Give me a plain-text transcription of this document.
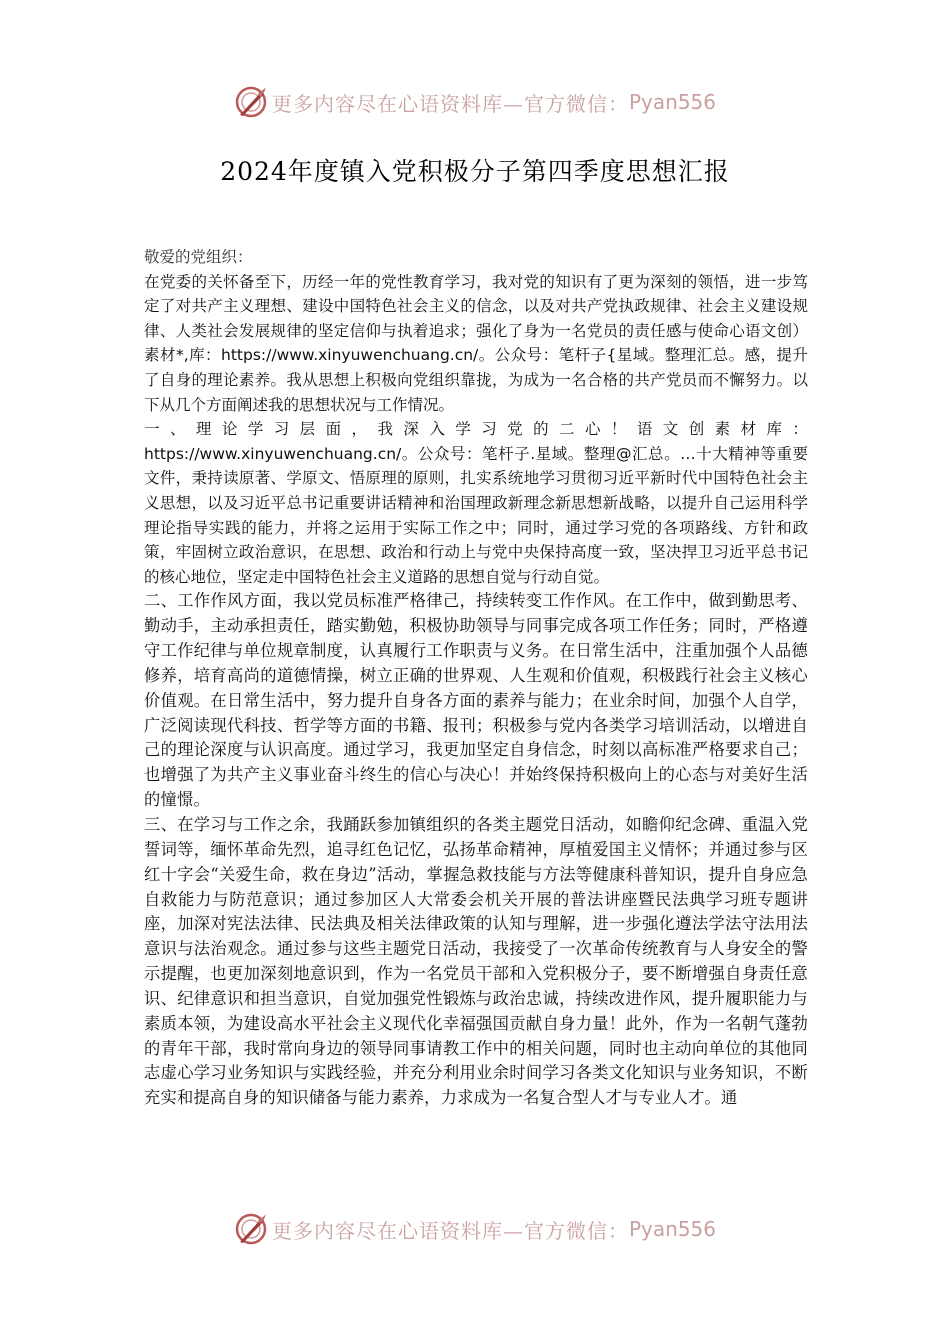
更多内容尽在心语资料库—官方微信： Pyan556
2024年度镇入党积极分子第四季度思想汇报

敬爱的党组织：

在党委的关怀备至下，历经一年的党性教育学习，我对党的知识有了更为深刻的领悟，进一步笃定了对共产主义理想、建设中国特色社会主义的信念，以及对共产党执政规律、社会主义建设规律、人类社会发展规律的坚定信仰与执着追求；强化了身为一名党员的责任感与使命心语文创）素材*,库：https://www.xinyuwenchuang.cn/。公众号：笔杆子{星域。整理汇总。感，提升了自身的理论素养。我从思想上积极向党组织靠拢，为成为一名合格的共产党员而不懈努力。以下从几个方面阐述我的思想状况与工作情况。

一、理论学习层面，我深入学习党的二心！语文创素材库：https://www.xinyuwenchuang.cn/。公众号：笔杆子.星域。整理@汇总。…十大精神等重要文件，秉持读原著、学原文、悟原理的原则，扎实系统地学习贯彻习近平新时代中国特色社会主义思想，以及习近平总书记重要讲话精神和治国理政新理念新思想新战略，以提升自己运用科学理论指导实践的能力，并将之运用于实际工作之中；同时，通过学习党的各项路线、方针和政策，牢固树立政治意识，在思想、政治和行动上与党中央保持高度一致，坚决捍卫习近平总书记的核心地位，坚定走中国特色社会主义道路的思想自觉与行动自觉。

二、工作作风方面，我以党员标准严格律己，持续转变工作作风。在工作中，做到勤思考、勤动手，主动承担责任，踏实勤勉，积极协助领导与同事完成各项工作任务；同时，严格遵守工作纪律与单位规章制度，认真履行工作职责与义务。在日常生活中，注重加强个人品德修养，培育高尚的道德情操，树立正确的世界观、人生观和价值观，积极践行社会主义核心价值观。在日常生活中，努力提升自身各方面的素养与能力；在业余时间，加强个人自学，广泛阅读现代科技、哲学等方面的书籍、报刊；积极参与党内各类学习培训活动，以增进自己的理论深度与认识高度。通过学习，我更加坚定自身信念，时刻以高标准严格要求自己；也增强了为共产主义事业奋斗终生的信心与决心！并始终保持积极向上的心态与对美好生活的憧憬。

三、在学习与工作之余，我踊跃参加镇组织的各类主题党日活动，如瞻仰纪念碑、重温入党誓词等，缅怀革命先烈，追寻红色记忆，弘扬革命精神，厚植爱国主义情怀；并通过参与区红十字会“关爱生命，救在身边”活动，掌握急救技能与方法等健康科普知识，提升自身应急自救能力与防范意识；通过参加区人大常委会机关开展的普法讲座暨民法典学习班专题讲座，加深对宪法法律、民法典及相关法律政策的认知与理解，进一步强化遵法学法守法用法意识与法治观念。通过参与这些主题党日活动，我接受了一次革命传统教育与人身安全的警示提醒，也更加深刻地意识到，作为一名党员干部和入党积极分子，要不断增强自身责任意识、纪律意识和担当意识，自觉加强党性锻炼与政治忠诚，持续改进作风，提升履职能力与素质本领，为建设高水平社会主义现代化幸福强国贡献自身力量！此外，作为一名朝气蓬勃的青年干部，我时常向身边的领导同事请教工作中的相关问题，同时也主动向单位的其他同志虚心学习业务知识与实践经验，并充分利用业余时间学习各类文化知识与业务知识，不断充实和提高自身的知识储备与能力素养，力求成为一名复合型人才与专业人才。通

更多内容尽在心语资料库—官方微信： Pyan556
